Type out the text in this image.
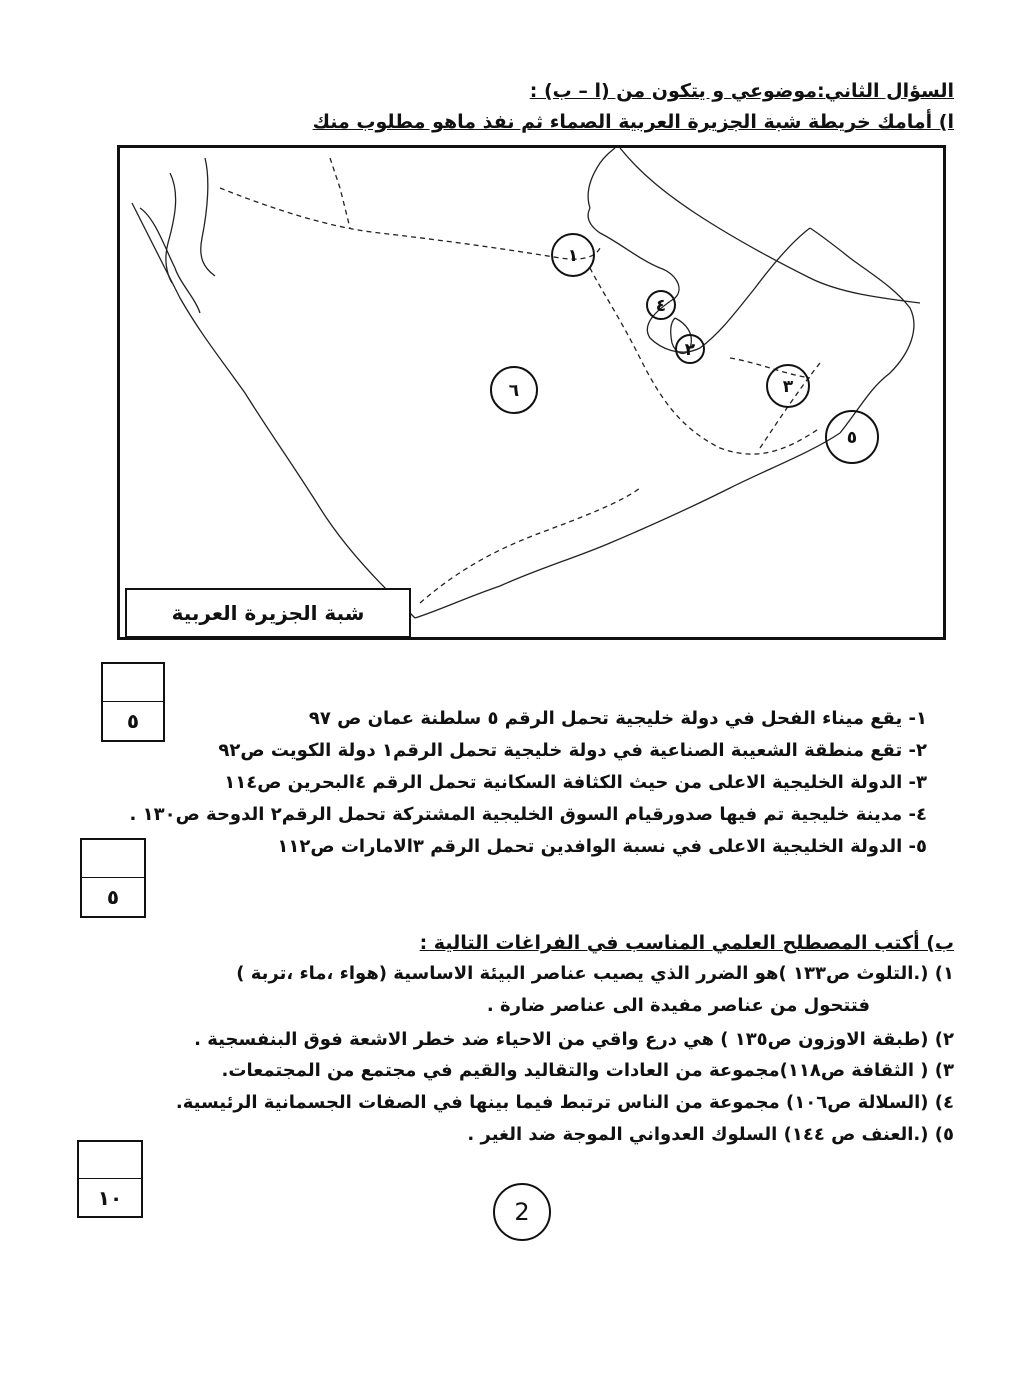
السؤال الثاني:موضوعي و يتكون من (ا – ب) :
ا) أمامك خريطة شبة الجزيرة العربية الصماء ثم نفذ ماهو مطلوب منك
١
٤
٢
٣
٥
٦
شبة الجزيرة العربية
٥
٥
١- يقع ميناء الفحل في دولة خليجية تحمل الرقم ٥ سلطنة عمان ص ٩٧
٢- تقع منطقة الشعيبة الصناعية في دولة خليجية تحمل الرقم١ دولة الكويت ص٩٢
٣- الدولة الخليجية الاعلى من حيث الكثافة السكانية تحمل الرقم ٤البحرين ص١١٤
٤- مدينة خليجية تم فيها صدورقيام السوق الخليجية المشتركة تحمل الرقم٢ الدوحة ص١٣٠ .
٥- الدولة الخليجية الاعلى في نسبة الوافدين تحمل الرقم ٣الامارات ص١١٢
ب) أكتب المصطلح العلمي المناسب في الفراغات التالية :
١) (.التلوث ص١٣٣ )هو الضرر الذي يصيب عناصر البيئة الاساسية (هواء ،ماء ،تربة )
فتتحول من عناصر مفيدة الى عناصر ضارة .
٢) (طبقة الاوزون ص١٣٥ ) هي درع واقي من الاحياء ضد خطر الاشعة فوق البنفسجية .
٣) ( الثقافة ص١١٨)مجموعة من العادات والتقاليد والقيم في مجتمع من المجتمعات.
٤) (السلالة ص١٠٦) مجموعة من الناس ترتبط فيما بينها في الصفات الجسمانية الرئيسية.
٥) (.العنف ص ١٤٤) السلوك العدواني الموجة ضد الغير .
١٠
2
